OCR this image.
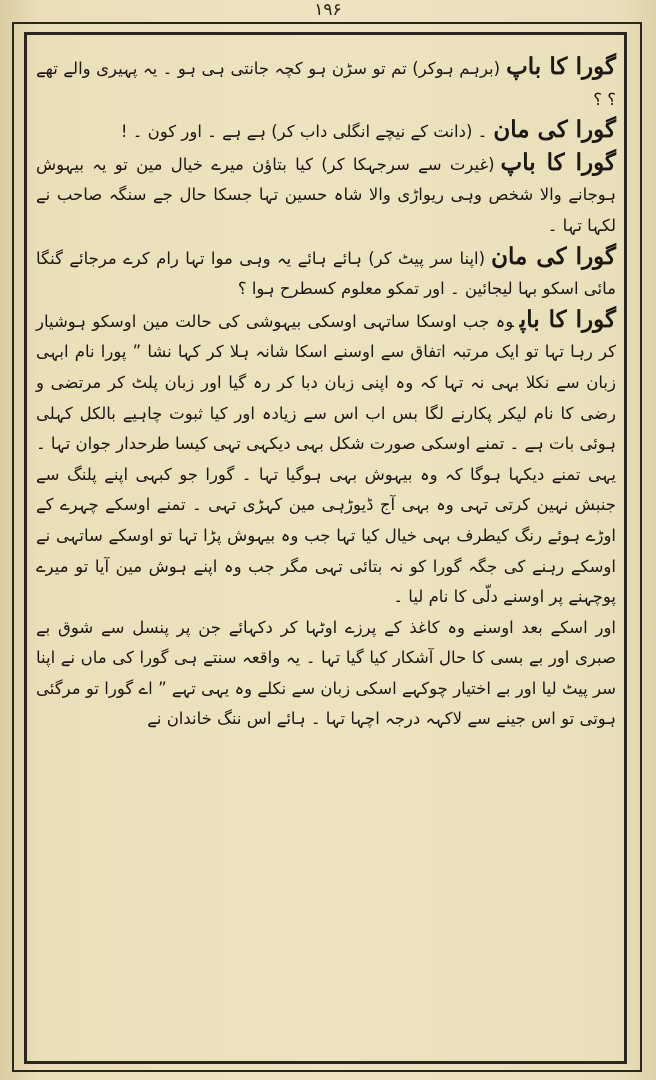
۱۹۶

گورا کا باپ(برہم ہوکر) تم تو سڑن ہو کچہ جانتی ہی ہو ۔ یہ پہیری والے تھے ؟ ؟

گورا کی مان۔ (دانت کے نیچے انگلی داب کر) ہے ہے ۔ اور کون ۔ !

گورا کا باپ(غیرت سے سرجہکا کر) کیا بتاؤن میرے خیال مین تو یہ بیہوش ہوجانے والا شخص وہی ریواڑی والا شاہ حسین تہا جسکا حال جے سنگہ صاحب نے لکہا تہا ۔

گورا کی مان(اپنا سر پیٹ کر) ہائے ہائے یہ وہی موا تہا رام کرے مرجائے گنگا مائی اسکو بہا لیجائین ۔ اور تمکو معلوم کسطرح ہوا ؟

گورا کا باپوہ جب اوسکا ساتہی اوسکی بیہوشی کی حالت مین اوسکو ہوشیار کر رہا تہا تو ایک مرتبہ اتفاق سے اوسنے اسکا شانہ ہلا کر کہا نشا ” پورا نام ابہی زبان سے نکلا بہی نہ تہا کہ وہ اپنی زبان دبا کر رہ گیا اور زبان پلٹ کر مرتضی و رضی کا نام لیکر پکارنے لگا بس اب اس سے زیادہ اور کیا ثبوت چاہیے بالکل کہلی ہوئی بات ہے ۔ تمنے اوسکی صورت شکل بہی دیکہی تہی کیسا طرحدار جوان تہا ۔ یہی تمنے دیکہا ہوگا کہ وہ بیہوش بہی ہوگیا تہا ۔ گورا جو کبہی اپنے پلنگ سے جنبش نہین کرتی تہی وہ بہی آج ڈیوڑہی مین کہڑی تہی ۔ تمنے اوسکے چہرے کے اوڑے ہوئے رنگ کیطرف بہی خیال کیا تہا جب وہ بیہوش پڑا تہا تو اوسکے ساتہی نے اوسکے رہنے کی جگہ گورا کو نہ بتائی تہی مگر جب وہ اپنے ہوش مین آیا تو میرے پوچہنے پر اوسنے دلّی کا نام لیا ۔

اور اسکے بعد اوسنے وہ کاغذ کے پرزے اوٹہا کر دکہائے جن پر پنسل سے شوق بے صبری اور بے بسی کا حال آشکار کیا گیا تہا ۔ یہ واقعہ سنتے ہی گورا کی ماں نے اپنا سر پیٹ لیا اور بے اختیار چوکہے اسکی زبان سے نکلے وہ یہی تہے ” اے گورا تو مرگئی ہوتی تو اس جینے سے لاکہہ درجہ اچہا تہا ۔ ہائے اس ننگ خاندان نے
